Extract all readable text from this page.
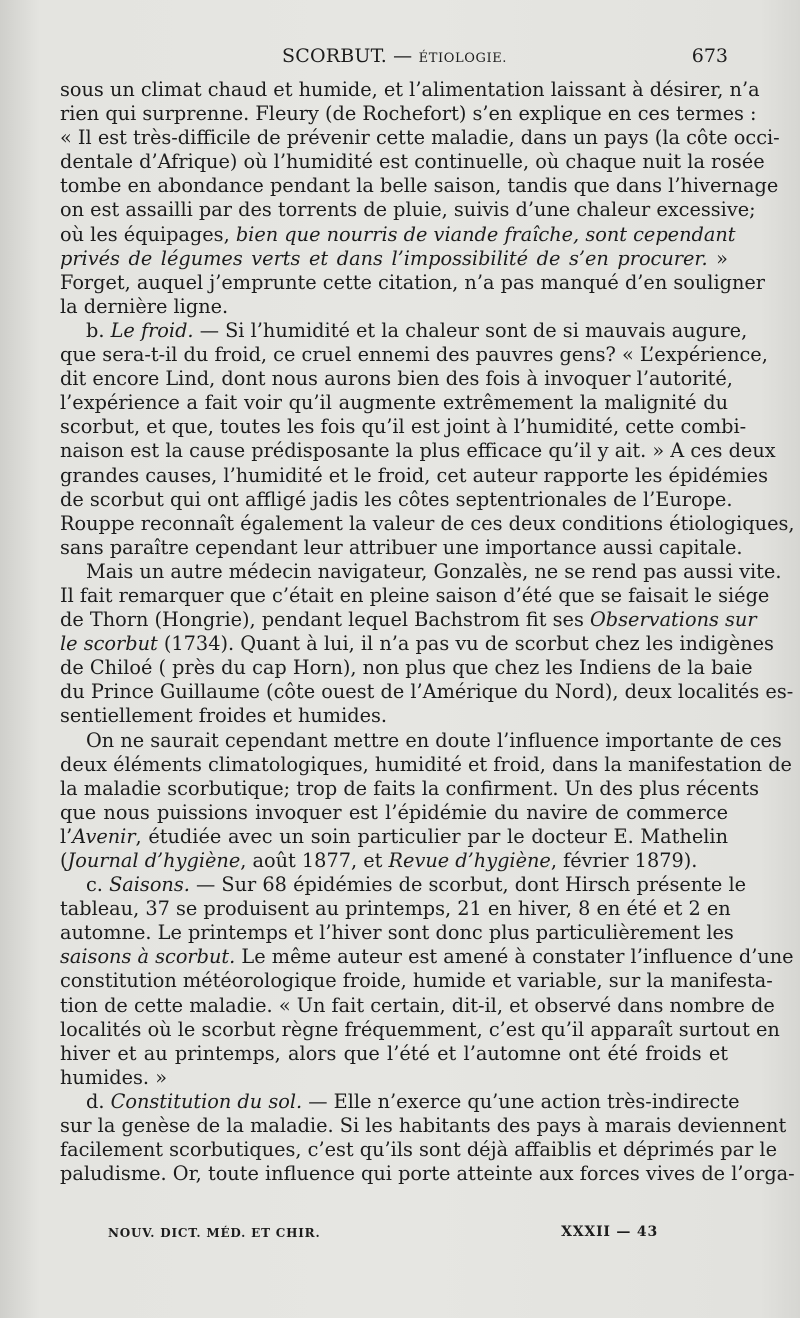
SCORBUT. — ÉTIOLOGIE.	673
sous un climat chaud et humide, et l’alimentation laissant à désirer, n’a
rien qui surprenne. Fleury (de Rochefort) s’en explique en ces termes :
« Il est très-difficile de prévenir cette maladie, dans un pays (la côte occi-
dentale d’Afrique) où l’humidité est continuelle, où chaque nuit la rosée
tombe en abondance pendant la belle saison, tandis que dans l’hivernage
on est assailli par des torrents de pluie, suivis d’une chaleur excessive;
où les équipages, bien que nourris de viande fraîche, sont cependant
privés de légumes verts et dans l’impossibilité de s’en procurer. »
Forget, auquel j’emprunte cette citation, n’a pas manqué d’en souligner
la dernière ligne.
b. Le froid. — Si l’humidité et la chaleur sont de si mauvais augure,
que sera-t-il du froid, ce cruel ennemi des pauvres gens? « L’expérience,
dit encore Lind, dont nous aurons bien des fois à invoquer l’autorité,
l’expérience a fait voir qu’il augmente extrêmement la malignité du
scorbut, et que, toutes les fois qu’il est joint à l’humidité, cette combi-
naison est la cause prédisposante la plus efficace qu’il y ait. » A ces deux
grandes causes, l’humidité et le froid, cet auteur rapporte les épidémies
de scorbut qui ont affligé jadis les côtes septentrionales de l’Europe.
Rouppe reconnaît également la valeur de ces deux conditions étiologiques,
sans paraître cependant leur attribuer une importance aussi capitale.
Mais un autre médecin navigateur, Gonzalès, ne se rend pas aussi vite.
Il fait remarquer que c’était en pleine saison d’été que se faisait le siége
de Thorn (Hongrie), pendant lequel Bachstrom fit ses Observations sur
le scorbut (1734). Quant à lui, il n’a pas vu de scorbut chez les indigènes
de Chiloé ( près du cap Horn), non plus que chez les Indiens de la baie
du Prince Guillaume (côte ouest de l’Amérique du Nord), deux localités es-
sentiellement froides et humides.
On ne saurait cependant mettre en doute l’influence importante de ces
deux éléments climatologiques, humidité et froid, dans la manifestation de
la maladie scorbutique; trop de faits la confirment. Un des plus récents
que nous puissions invoquer est l’épidémie du navire de commerce
l’Avenir, étudiée avec un soin particulier par le docteur E. Mathelin
(Journal d’hygiène, août 1877, et Revue d’hygiène, février 1879).
c. Saisons. — Sur 68 épidémies de scorbut, dont Hirsch présente le
tableau, 37 se produisent au printemps, 21 en hiver, 8 en été et 2 en
automne. Le printemps et l’hiver sont donc plus particulièrement les
saisons à scorbut. Le même auteur est amené à constater l’influence d’une
constitution météorologique froide, humide et variable, sur la manifesta-
tion de cette maladie. « Un fait certain, dit-il, et observé dans nombre de
localités où le scorbut règne fréquemment, c’est qu’il apparaît surtout en
hiver et au printemps, alors que l’été et l’automne ont été froids et
humides. »
d. Constitution du sol. — Elle n’exerce qu’une action très-indirecte
sur la genèse de la maladie. Si les habitants des pays à marais deviennent
facilement scorbutiques, c’est qu’ils sont déjà affaiblis et déprimés par le
paludisme. Or, toute influence qui porte atteinte aux forces vives de l’orga-
NOUV. DICT. MÉD. ET CHIR.	XXXII — 43
